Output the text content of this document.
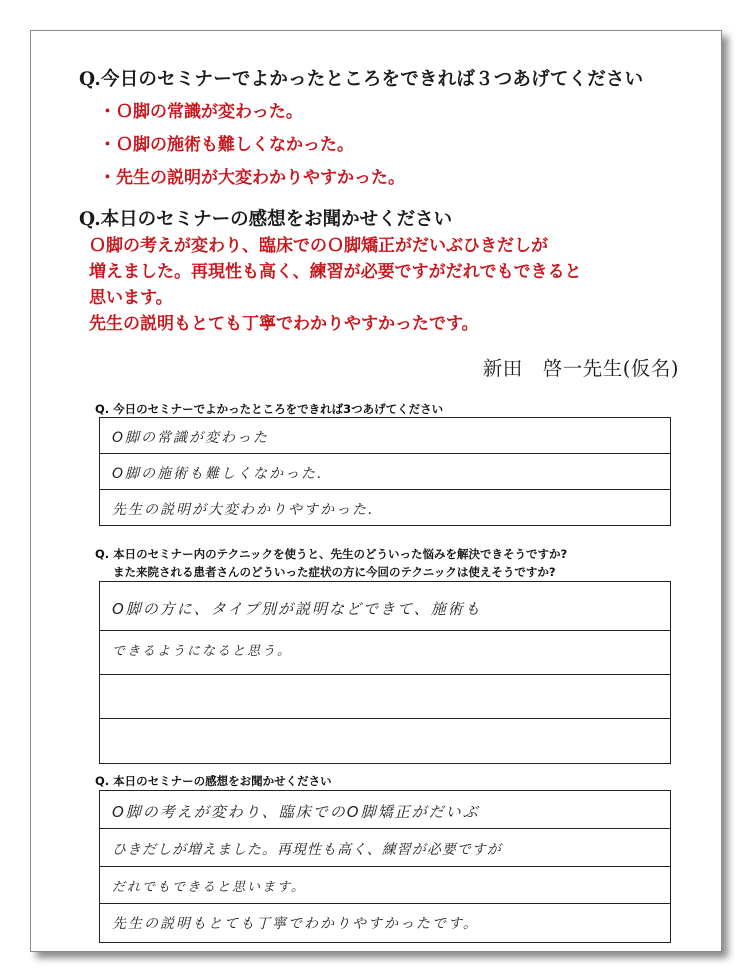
Q.今日のセミナーでよかったところをできれば３つあげてください
・Ｏ脚の常識が変わった。
・Ｏ脚の施術も難しくなかった。
・先生の説明が大変わかりやすかった。
Q.本日のセミナーの感想をお聞かせください
Ｏ脚の考えが変わり、臨床でのＯ脚矯正がだいぶひきだしが
増えました。再現性も高く、練習が必要ですがだれでもできると
思います。
先生の説明もとても丁寧でわかりやすかったです。
新田　啓一先生(仮名)
Q. 今日のセミナーでよかったところをできれば3つあげてください
O脚の常識が変わった
O脚の施術も難しくなかった.
先生の説明が大変わかりやすかった.
Q. 本日のセミナー内のテクニックを使うと、先生のどういった悩みを解決できそうですか?
また来院される患者さんのどういった症状の方に今回のテクニックは使えそうですか?
O脚の方に、タイプ別が説明などできて、施術も
できるようになると思う。
Q. 本日のセミナーの感想をお聞かせください
O脚の考えが変わり、臨床でのO脚矯正がだいぶ
ひきだしが増えました。再現性も高く、練習が必要ですが
だれでもできると思います。
先生の説明もとても丁寧でわかりやすかったです。
